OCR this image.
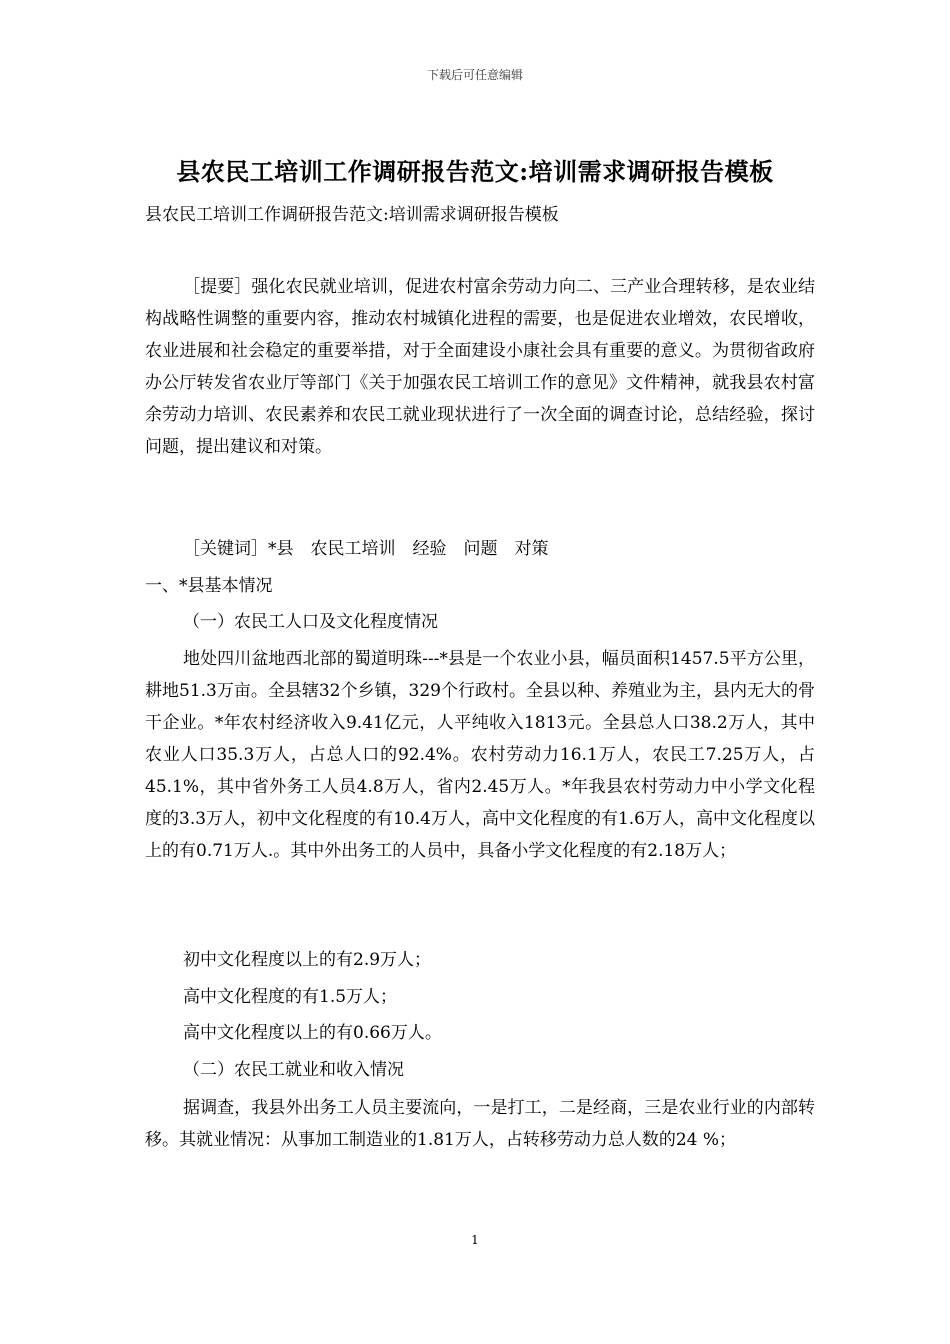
下载后可任意编辑
县农民工培训工作调研报告范文:培训需求调研报告模板
县农民工培训工作调研报告范文:培训需求调研报告模板
［提要］强化农民就业培训，促进农村富余劳动力向二、三产业合理转移，是农业结构战略性调整的重要内容，推动农村城镇化进程的需要，也是促进农业增效，农民增收，农业进展和社会稳定的重要举措，对于全面建设小康社会具有重要的意义。为贯彻省政府办公厅转发省农业厅等部门《关于加强农民工培训工作的意见》文件精神，就我县农村富余劳动力培训、农民素养和农民工就业现状进行了一次全面的调查讨论，总结经验，探讨问题，提出建议和对策。
［关键词］*县　农民工培训　经验　问题　对策
一、*县基本情况
（一）农民工人口及文化程度情况
地处四川盆地西北部的蜀道明珠---*县是一个农业小县，幅员面积1457.5平方公里，耕地51.3万亩。全县辖32个乡镇，329个行政村。全县以种、养殖业为主，县内无大的骨干企业。*年农村经济收入9.41亿元，人平纯收入1813元。全县总人口38.2万人，其中农业人口35.3万人，占总人口的92.4%。农村劳动力16.1万人，农民工7.25万人，占 45.1%，其中省外务工人员4.8万人，省内2.45万人。*年我县农村劳动力中小学文化程度的3.3万人，初中文化程度的有10.4万人，高中文化程度的有1.6万人，高中文化程度以上的有0.71万人.。其中外出务工的人员中，具备小学文化程度的有2.18万人；
初中文化程度以上的有2.9万人；
高中文化程度的有1.5万人；
高中文化程度以上的有0.66万人。
（二）农民工就业和收入情况
据调查，我县外出务工人员主要流向，一是打工，二是经商，三是农业行业的内部转移。其就业情况：从事加工制造业的1.81万人，占转移劳动力总人数的24 %；
1
